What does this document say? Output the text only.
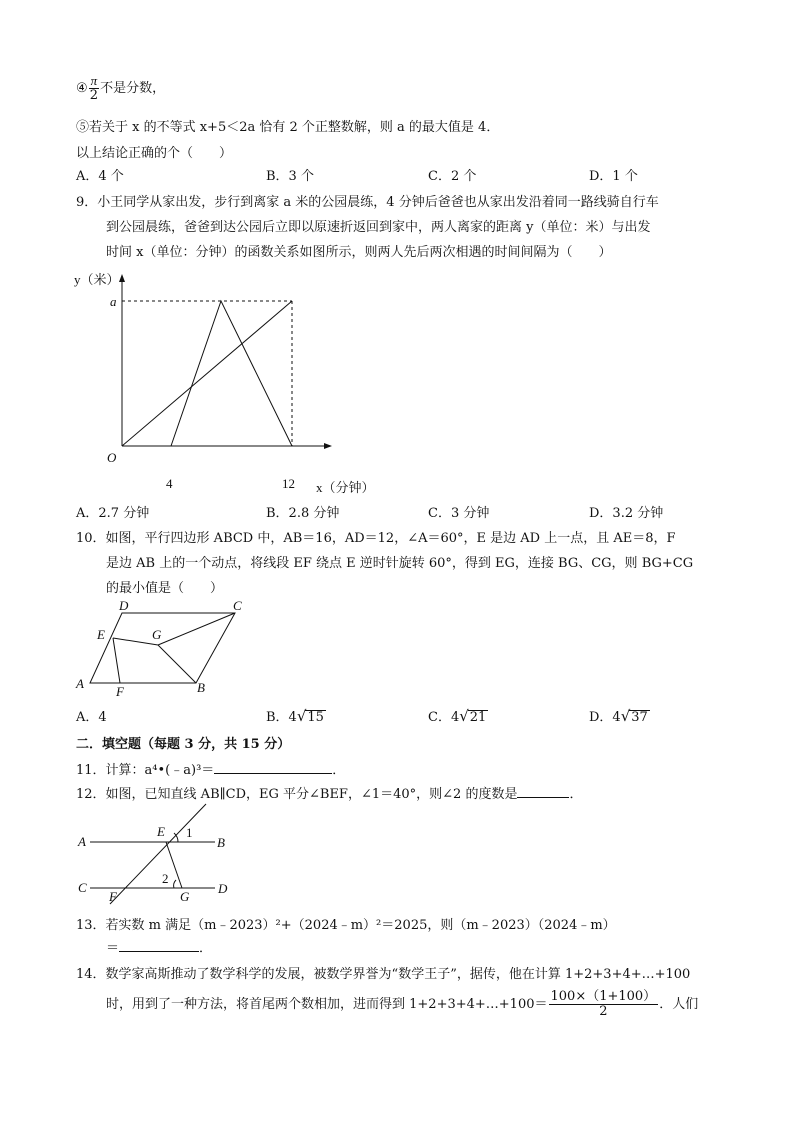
④ $\frac{\pi}{2}$ 不是分数，
⑤若关于 x 的不等式 x+5＜2a 恰有 2 个正整数解，则 a 的最大值是 4．
以上结论正确的个（　　）
A．4 个	B．3 个	C．2 个	D．1 个
9．小王同学从家出发，步行到离家 a 米的公园晨练，4 分钟后爸爸也从家出发沿着同一路线骑自行车
到公园晨练，爸爸到达公园后立即以原速折返回到家中，两人离家的距离 y（单位：米）与出发
时间 x（单位：分钟）的函数关系如图所示，则两人先后两次相遇的时间间隔为（　　）
y（米）
a
O
4	12 x（分钟）
A．2.7 分钟	B．2.8 分钟	C．3 分钟	D．3.2 分钟
10．如图，平行四边形 ABCD 中，AB＝16，AD＝12，∠A＝60°，E 是边 AD 上一点，且 AE＝8，F
是边 AB 上的一个动点，将线段 EF 绕点 E 逆时针旋转 60°，得到 EG，连接 BG、CG，则 BG+CG
的最小值是（　　）
A	B
C
D
E
F
G
A．4	B．4√15	C．4√21	D．4√37
二．填空题（每题 3 分，共 15 分）
11．计算：a⁴•(﹣a)³＝	．
12．如图，已知直线 AB∥CD，EG 平分∠BEF，∠1＝40°，则∠2 的度数是	．
A	B
C	D
E
F	G
1
2
13．若实数 m 满足（m﹣2023）²+（2024﹣m）²＝2025，则（m﹣2023）（2024﹣m）
＝	．
14．数学家高斯推动了数学科学的发展，被数学界誉为“数学王子”，据传，他在计算 1+2+3+4+…+100
时，用到了一种方法，将首尾两个数相加，进而得到 1+2+3+4+…+100＝ $\frac{100\times(1+100)}{2}$ ．人们
